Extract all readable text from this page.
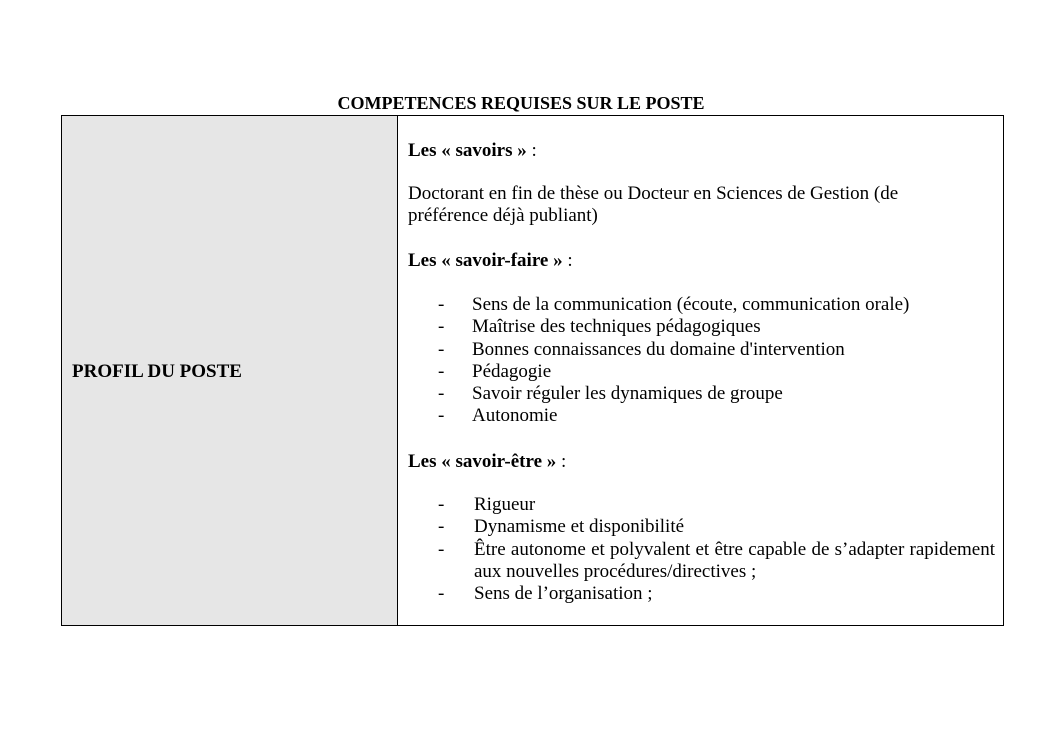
COMPETENCES REQUISES SUR LE POSTE
PROFIL DU POSTE
Les « savoirs » :
Doctorant en fin de thèse ou Docteur en Sciences de Gestion (de
préférence déjà publiant)
Les « savoir-faire » :
- Sens de la communication (écoute, communication orale)
- Maîtrise des techniques pédagogiques
- Bonnes connaissances du domaine d'intervention
- Pédagogie
- Savoir réguler les dynamiques de groupe
- Autonomie
Les « savoir-être » :
- Rigueur
- Dynamisme et disponibilité
- Être autonome et polyvalent et être capable de s’adapter rapidement aux nouvelles procédures/directives ;
- Sens de l’organisation ;
